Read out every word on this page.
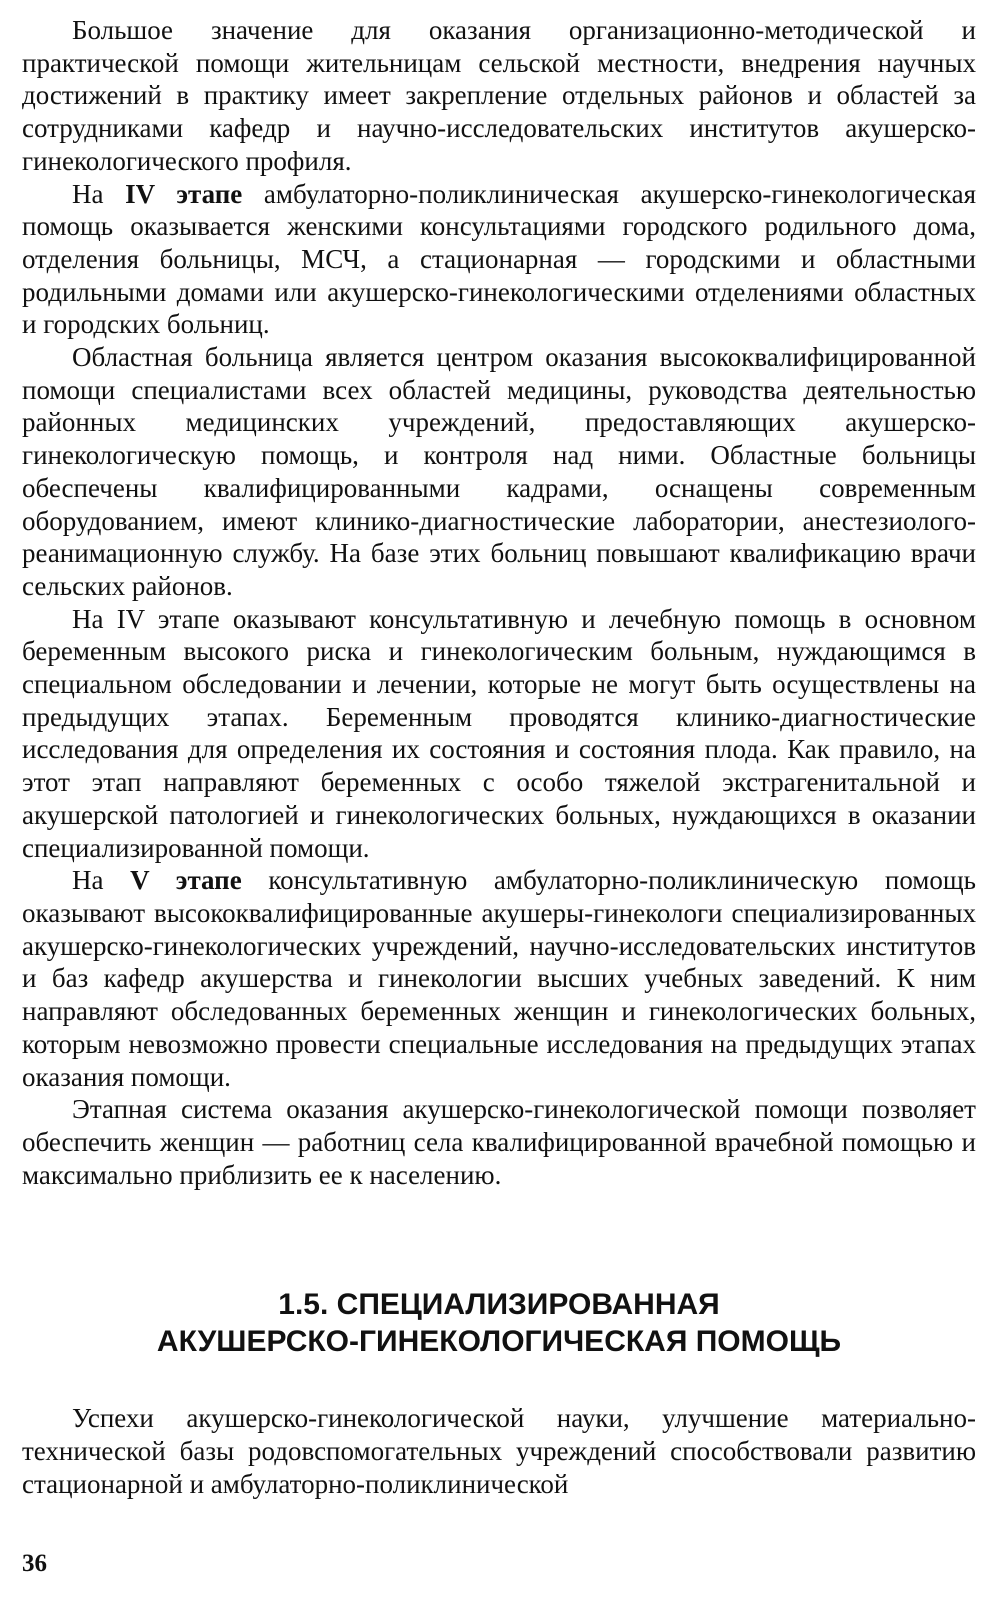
Большое значение для оказания организационно-методической и практической помощи жительницам сельской местности, внедрения научных достижений в практику имеет закрепление отдельных районов и областей за сотрудниками кафедр и научно-исследовательских институтов акушерско-гинекологического профиля.

На IV этапе амбулаторно-поликлиническая акушерско-гинекологическая помощь оказывается женскими консультациями городского родильного дома, отделения больницы, МСЧ, а стационарная — городскими и областными родильными домами или акушерско-гинекологическими отделениями областных и городских больниц.

Областная больница является центром оказания высококвалифицированной помощи специалистами всех областей медицины, руководства деятельностью районных медицинских учреждений, предоставляющих акушерско-гинекологическую помощь, и контроля над ними. Областные больницы обеспечены квалифицированными кадрами, оснащены современным оборудованием, имеют клинико-диагностические лаборатории, анестезиолого-реанимационную службу. На базе этих больниц повышают квалификацию врачи сельских районов.

На IV этапе оказывают консультативную и лечебную помощь в основном беременным высокого риска и гинекологическим больным, нуждающимся в специальном обследовании и лечении, которые не могут быть осуществлены на предыдущих этапах. Беременным проводятся клинико-диагностические исследования для определения их состояния и состояния плода. Как правило, на этот этап направляют беременных с особо тяжелой экстрагенитальной и акушерской патологией и гинекологических больных, нуждающихся в оказании специализированной помощи.

На V этапе консультативную амбулаторно-поликлиническую помощь оказывают высококвалифицированные акушеры-гинекологи специализированных акушерско-гинекологических учреждений, научно-исследовательских институтов и баз кафедр акушерства и гинекологии высших учебных заведений. К ним направляют обследованных беременных женщин и гинекологических больных, которым невозможно провести специальные исследования на предыдущих этапах оказания помощи.

Этапная система оказания акушерско-гинекологической помощи позволяет обеспечить женщин — работниц села квалифицированной врачебной помощью и максимально приблизить ее к населению.

1.5. СПЕЦИАЛИЗИРОВАННАЯ
АКУШЕРСКО-ГИНЕКОЛОГИЧЕСКАЯ ПОМОЩЬ

Успехи акушерско-гинекологической науки, улучшение материально-технической базы родовспомогательных учреждений способствовали развитию стационарной и амбулаторно-поликлинической

36
